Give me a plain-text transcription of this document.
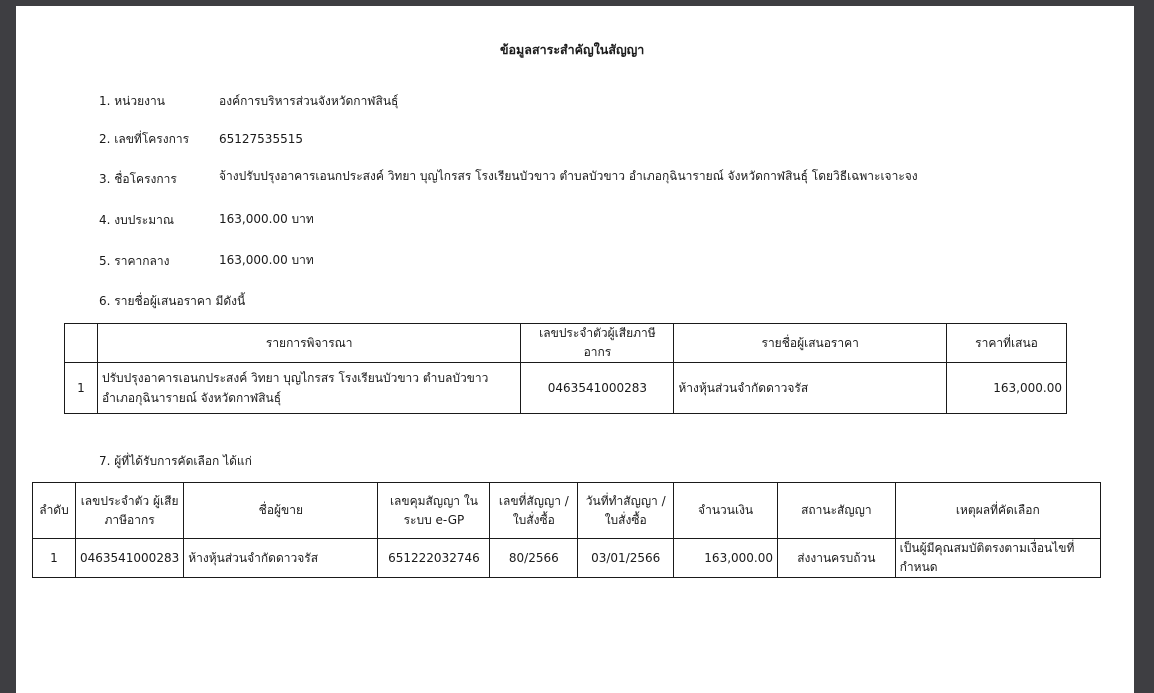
ข้อมูลสาระสำคัญในสัญญา
1. หน่วยงาน	องค์การบริหารส่วนจังหวัดกาฬสินธุ์
2. เลขที่โครงการ 65127535515
3. ชื่อโครงการ	จ้างปรับปรุงอาคารเอนกประสงค์ วิทยา บุญไกรสร โรงเรียนบัวขาว ตำบลบัวขาว อำเภอกุฉินารายณ์ จังหวัดกาฬสินธุ์ โดยวิธีเฉพาะเจาะจง
4. งบประมาณ	163,000.00 บาท
5. ราคากลาง	163,000.00 บาท
6. รายชื่อผู้เสนอราคา มีดังนี้
	รายการพิจารณา	เลขประจำตัวผู้เสียภาษีอากร	รายชื่อผู้เสนอราคา	ราคาที่เสนอ
1	ปรับปรุงอาคารเอนกประสงค์ วิทยา บุญไกรสร โรงเรียนบัวขาว ตำบลบัวขาว อำเภอกุฉินารายณ์ จังหวัดกาฬสินธุ์	0463541000283	ห้างหุ้นส่วนจำกัดดาวจรัส	163,000.00
7. ผู้ที่ได้รับการคัดเลือก ได้แก่
ลำดับ	เลขประจำตัว ผู้เสียภาษีอากร	ชื่อผู้ขาย	เลขคุมสัญญา ในระบบ e-GP	เลขที่สัญญา / ใบสั่งซื้อ	วันที่ทำสัญญา / ใบสั่งซื้อ	จำนวนเงิน	สถานะสัญญา	เหตุผลที่คัดเลือก
1	0463541000283	ห้างหุ้นส่วนจำกัดดาวจรัส	651222032746	80/2566	03/01/2566	163,000.00	ส่งงานครบถ้วน	เป็นผู้มีคุณสมบัติตรงตามเงื่อนไขที่กำหนด
